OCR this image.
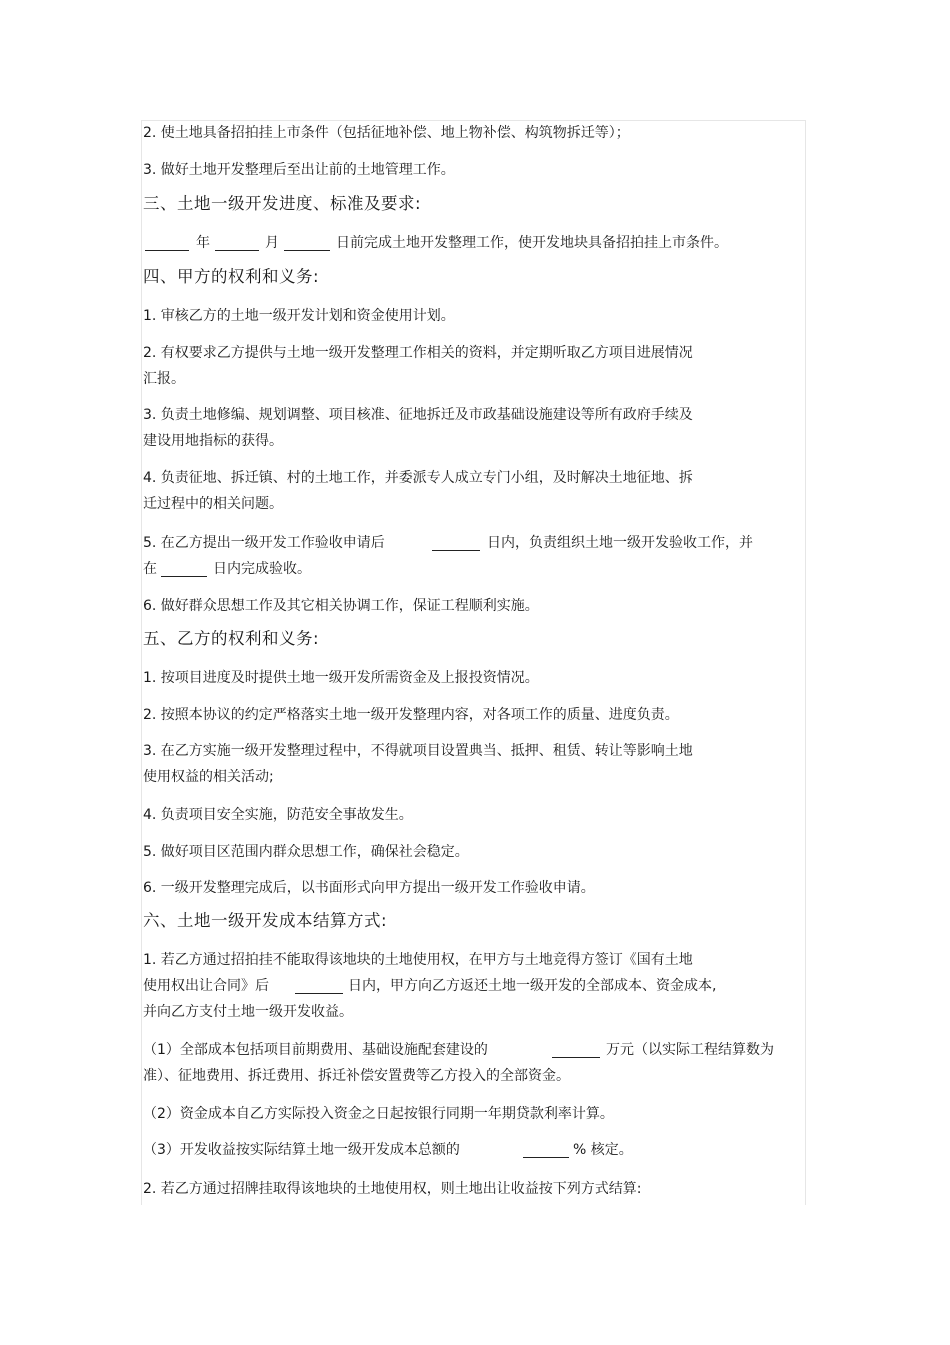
2. 使土地具备招拍挂上市条件（包括征地补偿、地上物补偿、构筑物拆迁等）；
3. 做好土地开发整理后至出让前的土地管理工作。
三、土地一级开发进度、标准及要求:
年	月	日前完成土地开发整理工作，使开发地块具备招拍挂上市条件。
四、甲方的权利和义务:
1. 审核乙方的土地一级开发计划和资金使用计划。
2. 有权要求乙方提供与土地一级开发整理工作相关的资料，并定期听取乙方项目进展情况
汇报。
3. 负责土地修编、规划调整、项目核准、征地拆迁及市政基础设施建设等所有政府手续及
建设用地指标的获得。
4. 负责征地、拆迁镇、村的土地工作，并委派专人成立专门小组，及时解决土地征地、拆
迁过程中的相关问题。
5. 在乙方提出一级开发工作验收申请后	日内，负责组织土地一级开发验收工作，并
在	日内完成验收。
6. 做好群众思想工作及其它相关协调工作，保证工程顺利实施。
五、乙方的权利和义务:
1. 按项目进度及时提供土地一级开发所需资金及上报投资情况。
2. 按照本协议的约定严格落实土地一级开发整理内容，对各项工作的质量、进度负责。
3. 在乙方实施一级开发整理过程中，不得就项目设置典当、抵押、租赁、转让等影响土地
使用权益的相关活动;
4. 负责项目安全实施，防范安全事故发生。
5. 做好项目区范围内群众思想工作，确保社会稳定。
6. 一级开发整理完成后，以书面形式向甲方提出一级开发工作验收申请。
六、土地一级开发成本结算方式:
1. 若乙方通过招拍挂不能取得该地块的土地使用权，在甲方与土地竞得方签订《国有土地
使用权出让合同》后	日内，甲方向乙方返还土地一级开发的全部成本、资金成本,
并向乙方支付土地一级开发收益。
（1）全部成本包括项目前期费用、基础设施配套建设的	万元（以实际工程结算数为
准）、征地费用、拆迁费用、拆迁补偿安置费等乙方投入的全部资金。
（2）资金成本自乙方实际投入资金之日起按银行同期一年期贷款利率计算。
（3）开发收益按实际结算土地一级开发成本总额的	% 核定。
2. 若乙方通过招牌挂取得该地块的土地使用权，则土地出让收益按下列方式结算:
